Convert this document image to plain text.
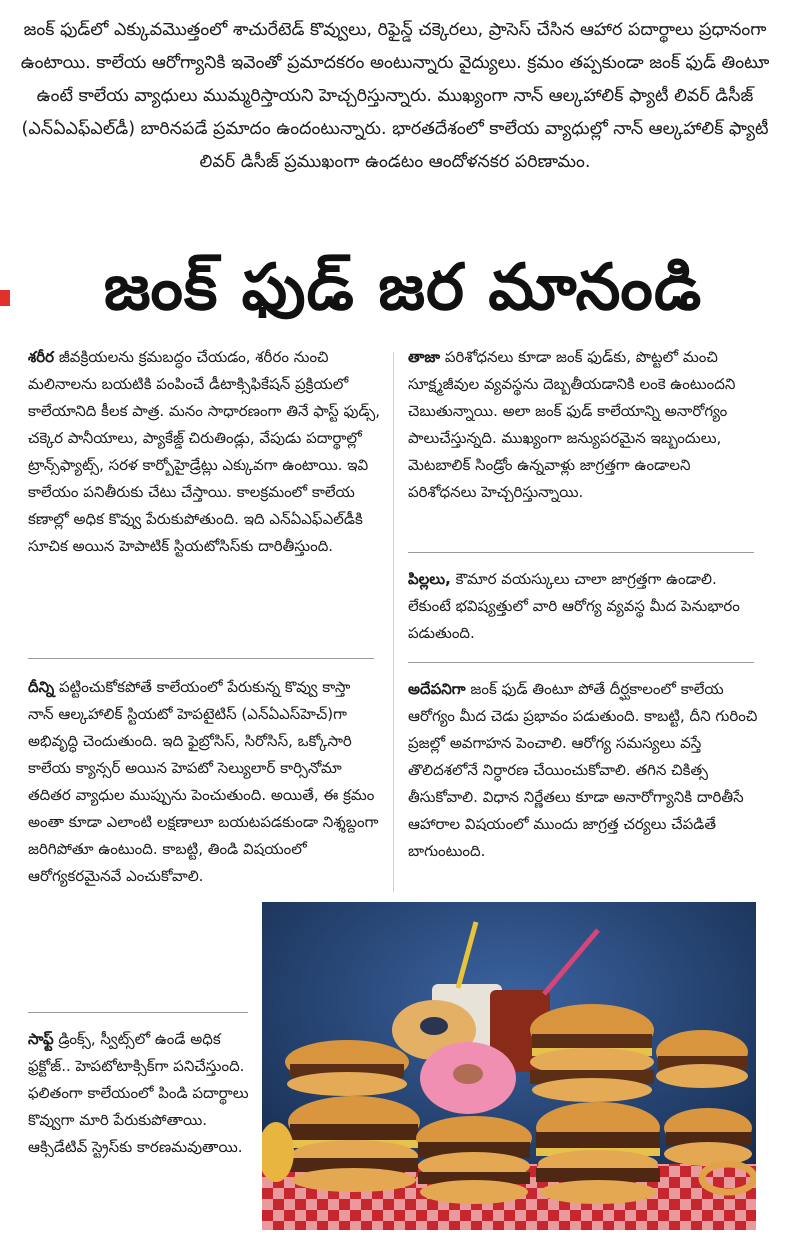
జంక్ ఫుడ్‌లో ఎక్కువమొత్తంలో శాచురేటెడ్ కొవ్వులు, రిఫైన్డ్ చక్కెరలు, ప్రాసెస్ చేసిన ఆహార పదార్థాలు ప్రధానంగా ఉంటాయి. కాలేయ ఆరోగ్యానికి ఇవెంతో ప్రమాదకరం అంటున్నారు వైద్యులు. క్రమం తప్పకుండా జంక్ ఫుడ్ తింటూ ఉంటే కాలేయ వ్యాధులు ముమ్మరిస్తాయని హెచ్చరిస్తున్నారు. ముఖ్యంగా నాన్ ఆల్కహాలిక్ ఫ్యాటీ లివర్ డిసీజ్ (ఎన్ఏఎఫ్ఎల్‌డీ) బారినపడే ప్రమాదం ఉందంటున్నారు. భారతదేశంలో కాలేయ వ్యాధుల్లో నాన్ ఆల్కహాలిక్ ఫ్యాటీ లివర్ డిసీజ్ ప్రముఖంగా ఉండటం ఆందోళనకర పరిణామం.
జంక్ ఫుడ్ జర మానండి
శరీర జీవక్రియలను క్రమబద్ధం చేయడం, శరీరం నుంచి మలినాలను బయటికి పంపించే డీటాక్సిఫికేషన్ ప్రక్రియలో కాలేయానిది కీలక పాత్ర. మనం సాధారణంగా తినే ఫాస్ట్ ఫుడ్స్, చక్కెర పానీయాలు, ప్యాకేజ్డ్ చిరుతిండ్లు, వేపుడు పదార్థాల్లో ట్రాన్స్‌ఫ్యాట్స్, సరళ కార్బోహైడ్రేట్లు ఎక్కువగా ఉంటాయి. ఇవి కాలేయం పనితీరుకు చేటు చేస్తాయి. కాలక్రమంలో కాలేయ కణాల్లో అధిక కొవ్వు పేరుకుపోతుంది. ఇది ఎన్ఏఎఫ్ఎల్‌డీకి సూచిక అయిన హెపాటిక్ స్టియటోసిస్‌కు దారితీస్తుంది.
దీన్ని పట్టించుకోకపోతే కాలేయంలో పేరుకున్న కొవ్వు కాస్తా నాన్ ఆల్కహాలిక్ స్టియటో హెపటైటిస్ (ఎన్ఏఎస్‌హెచ్)గా అభివృద్ధి చెందుతుంది. ఇది ఫైబ్రోసిస్, సిరోసిస్, ఒక్కోసారి కాలేయ క్యాన్సర్ అయిన హెపటో సెల్యులార్ కార్సినోమా తదితర వ్యాధుల ముప్పును పెంచుతుంది. అయితే, ఈ క్రమం అంతా కూడా ఎలాంటి లక్షణాలూ బయటపడకుండా నిశ్శబ్దంగా జరిగిపోతూ ఉంటుంది. కాబట్టి, తిండి విషయంలో ఆరోగ్యకరమైనవే ఎంచుకోవాలి.
సాఫ్ట్ డ్రింక్స్, స్వీట్స్‌లో ఉండే అధిక ఫ్రక్టోజ్.. హెపటోటాక్సిక్‌గా పనిచేస్తుంది. ఫలితంగా కాలేయంలో పిండి పదార్థాలు కొవ్వుగా మారి పేరుకుపోతాయి. ఆక్సిడేటివ్ స్ట్రెస్‌కు కారణమవుతాయి.
తాజా పరిశోధనలు కూడా జంక్ ఫుడ్‌కు, పొట్టలో మంచి సూక్ష్మజీవుల వ్యవస్థను దెబ్బతీయడానికి లంకె ఉంటుందని చెబుతున్నాయి. అలా జంక్ ఫుడ్ కాలేయాన్ని అనారోగ్యం పాలుచేస్తున్నది. ముఖ్యంగా జన్యుపరమైన ఇబ్బందులు, మెటబాలిక్ సిండ్రోం ఉన్నవాళ్లు జాగ్రత్తగా ఉండాలని పరిశోధనలు హెచ్చరిస్తున్నాయి.
పిల్లలు, కౌమార వయస్కులు చాలా జాగ్రత్తగా ఉండాలి. లేకుంటే భవిష్యత్తులో వారి ఆరోగ్య వ్యవస్థ మీద పెనుభారం పడుతుంది.
అదేపనిగా జంక్ ఫుడ్ తింటూ పోతే దీర్ఘకాలంలో కాలేయ ఆరోగ్యం మీద చెడు ప్రభావం పడుతుంది. కాబట్టి, దీని గురించి ప్రజల్లో అవగాహన పెంచాలి. ఆరోగ్య సమస్యలు వస్తే తొలిదశలోనే నిర్ధారణ చేయించుకోవాలి. తగిన చికిత్స తీసుకోవాలి. విధాన నిర్ణేతలు కూడా అనారోగ్యానికి దారితీసే ఆహారాల విషయంలో ముందు జాగ్రత్త చర్యలు చేపడితే బాగుంటుంది.
